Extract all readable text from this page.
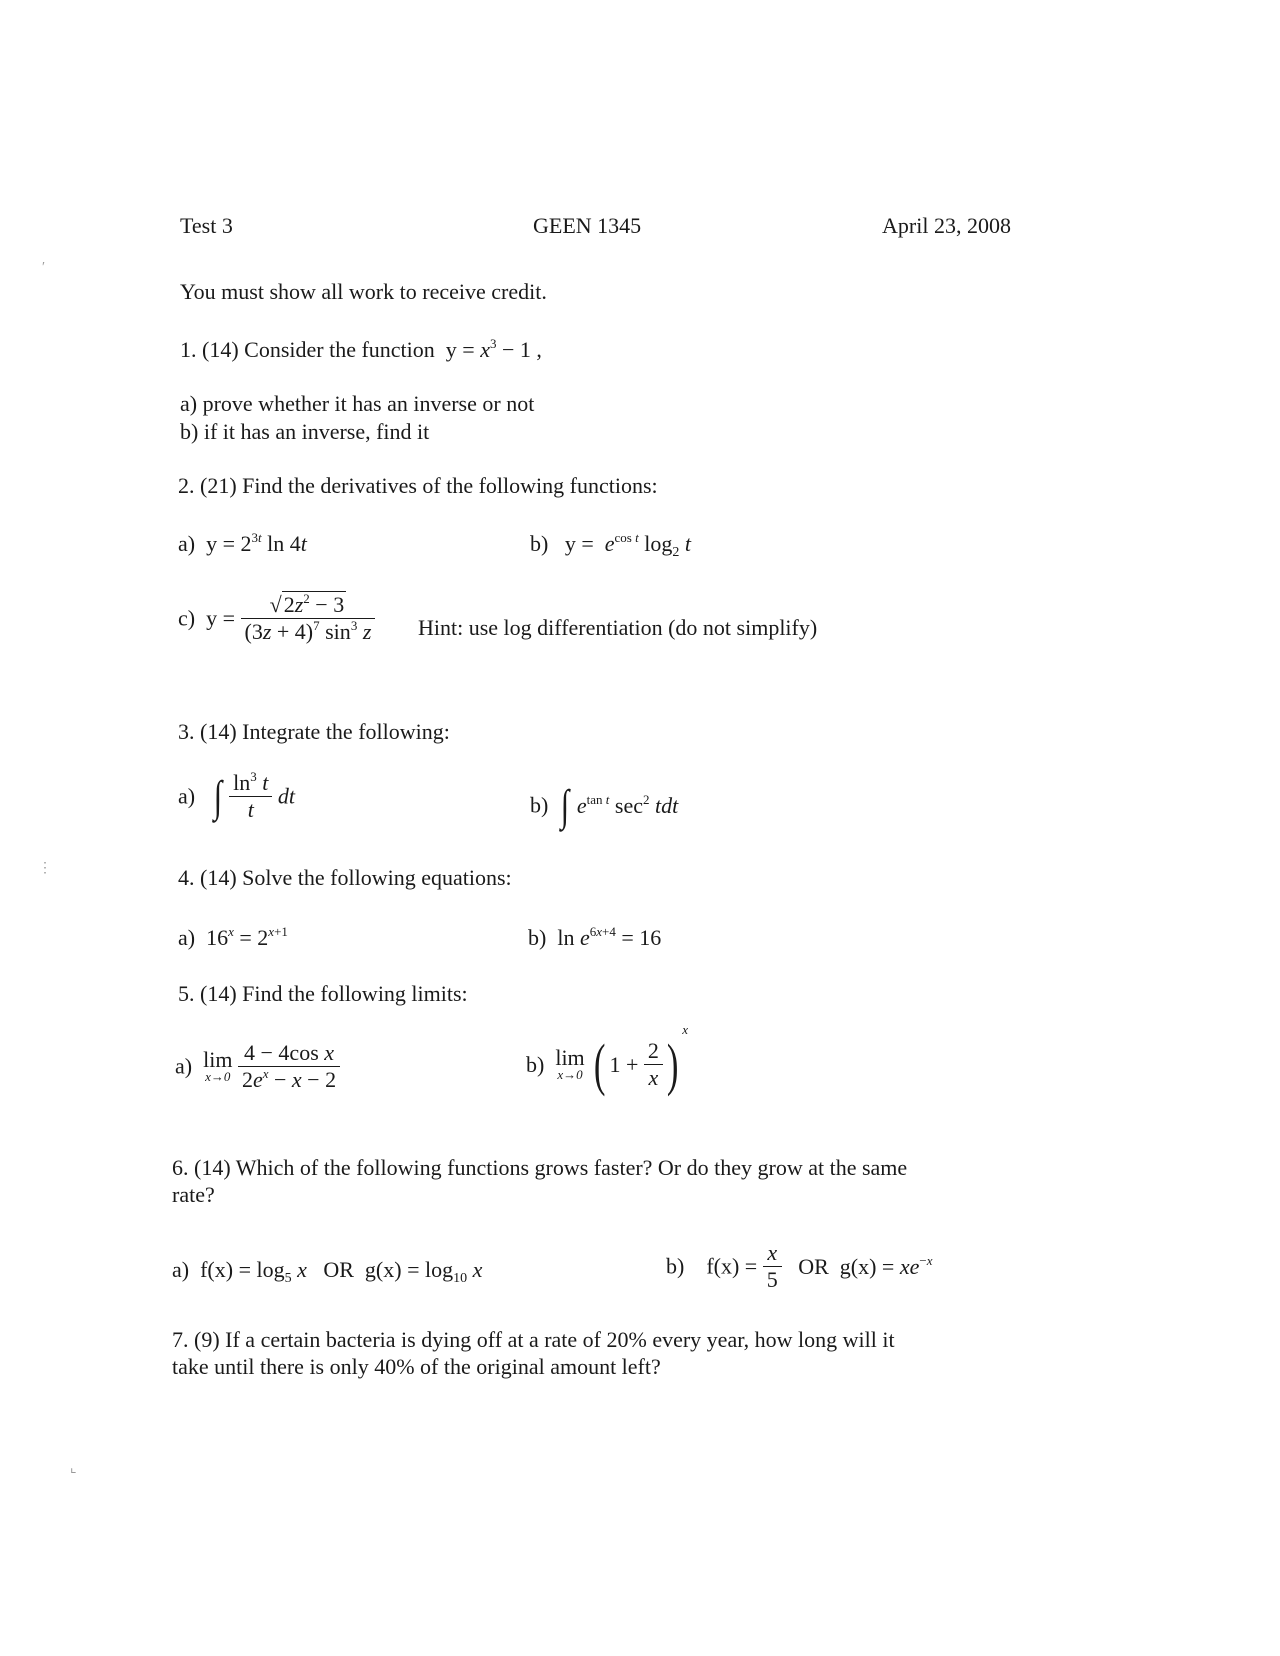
Test 3	GEEN 1345	April 23, 2008
You must show all work to receive credit.
1. (14) Consider the function  $y = x^3 - 1$ ,
a) prove whether it has an inverse or not
b) if it has an inverse, find it
2. (21) Find the derivatives of the following functions:
a)  $y = 2^{3t}$ ln 4t	b)   $y = e^{cos t}$ $\log_2 t$
c)  $y = \frac{√2z^2 - 3}{(3z + 4)^7 \sin^3 z}$ Hint: use log differentiation (do not simplify)
3. (14) Integrate the following:
a)   ∫ $\frac{\ln^3 t}{t}$ dt	b)  ∫ $e^{tan t}$ $\sec^2$ tdt
4. (14) Solve the following equations:
a)  $16^x = 2^{x+1}$	b)  $\ln e^{6x+4} = 16$
5. (14) Find the following limits:
a)  lim
x→0
$\frac{\text{4 − 4cos x}}{2e^x - x - 2}$	b)  lim
x→0 ( $1 + \frac{2}{x} )^x$
6. (14) Which of the following functions grows faster? Or do they grow at the same
rate?
a)  $f(x) = \log_5 x$   OR  $g(x) = \log_{10} x$	b)    $f(x) = \frac{x}{5}$ OR  $g(x) = xe^{-x}$
7. (9) If a certain bacteria is dying off at a rate of 20% every year, how long will it
take until there is only 40% of the original amount left?
′
⋮
⌞
